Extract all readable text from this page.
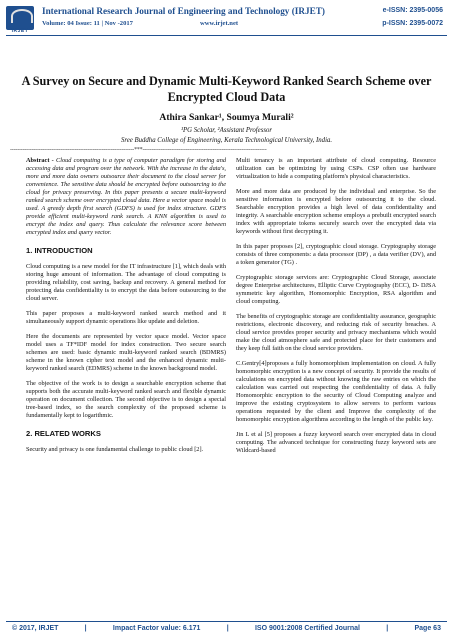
IRJET
International Research Journal of Engineering and Technology (IRJET)
Volume: 04 Issue: 11 | Nov -2017	www.irjet.net
e-ISSN: 2395-0056
p-ISSN: 2395-0072
A Survey on Secure and Dynamic Multi-Keyword Ranked Search Scheme over Encrypted Cloud Data
Athira Sankar¹, Soumya Murali²
¹PG Scholar, ²Assistant Professor
Sree Buddha College of Engineering, Kerala Technological University, India.
---------------------------------------------------------------------***---------------------------------------------------------------------

Abstract - Cloud computing is a type of computer paradigm for storing and accessing data and program over the network. With the increase in the data's, more and more data owners outsource their document to the cloud server for convenience. The sensitive data should be encrypted before outsourcing to the cloud for privacy preserving. In this paper presents a secure multi-keyword ranked search scheme over encrypted cloud data. Here a vector space model is used. A greedy depth first search (GDFS) is used for index structure. GDFS provide efficient multi-keyword rank search. A KNN algorithm is used to encrypt the index and query. Thus calculate the relevance score between encrypted index and query vector.

1. INTRODUCTION

Cloud computing is a new model for the IT infrastructure [1], which deals with storing huge amount of information. The advantage of cloud computing is providing reliability, cost saving, backup and recovery. A general method for protecting data confidentiality is to encrypt the data before outsourcing to the cloud server.

This paper proposes a multi-keyword ranked search method and it simultaneously support dynamic operations like update and deletion.

Here the documents are represented by vector space model. Vector space model uses a TF*IDF model for index construction. Two secure search schemes are used: basic dynamic multi-keyword ranked search (BDMRS) scheme in the known cipher text model and the enhanced dynamic multi-keyword ranked search (EDMRS) scheme in the known background model.

The objective of the work is to design a searchable encryption scheme that supports both the accurate multi-keyword ranked search and flexible dynamic operation on document collection. The second objective is to design a special tree-based index, so the search complexity of the proposed scheme is fundamentally kept to logarithmic.

2. RELATED WORKS

Security and privacy is one fundamental challenge to public cloud [2].

Multi tenancy is an important attribute of cloud computing. Resource utilization can be optimizing by using CSPs. CSP often use hardware virtualization to hide a computing platform's physical characteristics.

More and more data are produced by the individual and enterprise. So the sensitive information is encrypted before outsourcing it to the cloud. Searchable encryption provides a high level of data confidentiality and integrity. A searchable encryption scheme employs a prebuilt encrypted search index with appropriate tokens securely search over the encrypted data via keywords without first decrypting it.

In this paper proposes [2], cryptographic cloud storage. Cryptography storage consists of three components: a data processor (DP) , a data verifier (DV), and a token generator (TG) .

Cryptographic storage services are: Cryptographic Cloud Storage, associate degree Enterprise architectures, Elliptic Curve Cryptography (ECC), D- DJSA symmetric key algorithm, Homomorphic Encryption, RSA algorithm and cloud computing.

The benefits of cryptographic storage are confidentiality assurance, geographic restrictions, electronic discovery, and reducing risk of security breaches. A cloud service provides proper security and privacy mechanisms which would make the cloud atmosphere safe and protected place for their customers and they keep full faith on the cloud service providers.

C.Gentry[4]proposes a fully homomorphism implementation on cloud. A fully homomorphic encryption is a new concept of security. It provide the results of calculations on encrypted data without knowing the raw entries on which the calculation was carried out respecting the confidentiality of data. A fully Homomorphic encryption to the security of Cloud Computing analyze and improve the existing cryptosystem to allow servers to perform various operations requested by the client and Improve the complexity of the homomorphic encryption algorithms according to the length of the public key.

Jin L et al [5] proposes a fuzzy keyword search over encrypted data in cloud computing. The advanced technique for constructing fuzzy keyword sets are Wildcard-based

© 2017, IRJET	|	Impact Factor value: 6.171	|	ISO 9001:2008 Certified Journal	|	Page 63
